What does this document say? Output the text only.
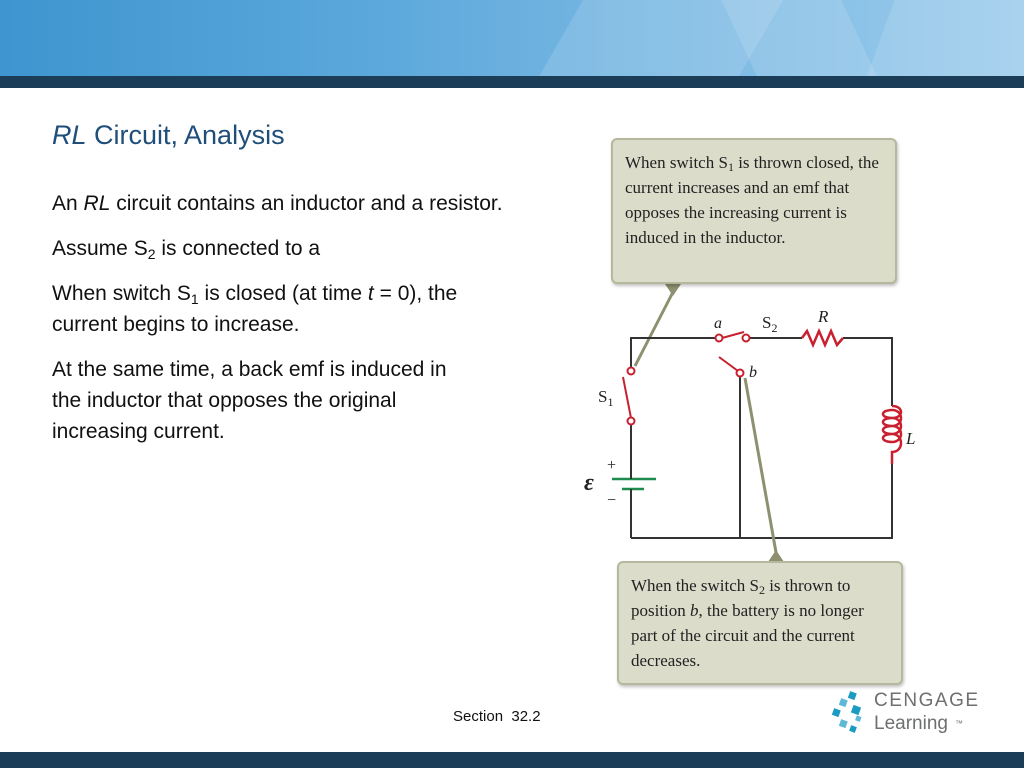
RL Circuit, Analysis

An RL circuit contains an inductor and a resistor.

Assume $S_2$ is connected to a

When switch $S_1$ is closed (at time t = 0), the current begins to increase.

At the same time, a back emf is induced in the inductor that opposes the original increasing current.

a $S_2$
R
b
L
$S_1$
ε
+
−
When switch $S_1$ is thrown closed, the current increases and an emf that opposes the increasing current is induced in the inductor.
When the switch $S_2$ is thrown to position b, the battery is no longer part of the circuit and the current decreases.
Section  32.2
CENGAGE
Learning ™
